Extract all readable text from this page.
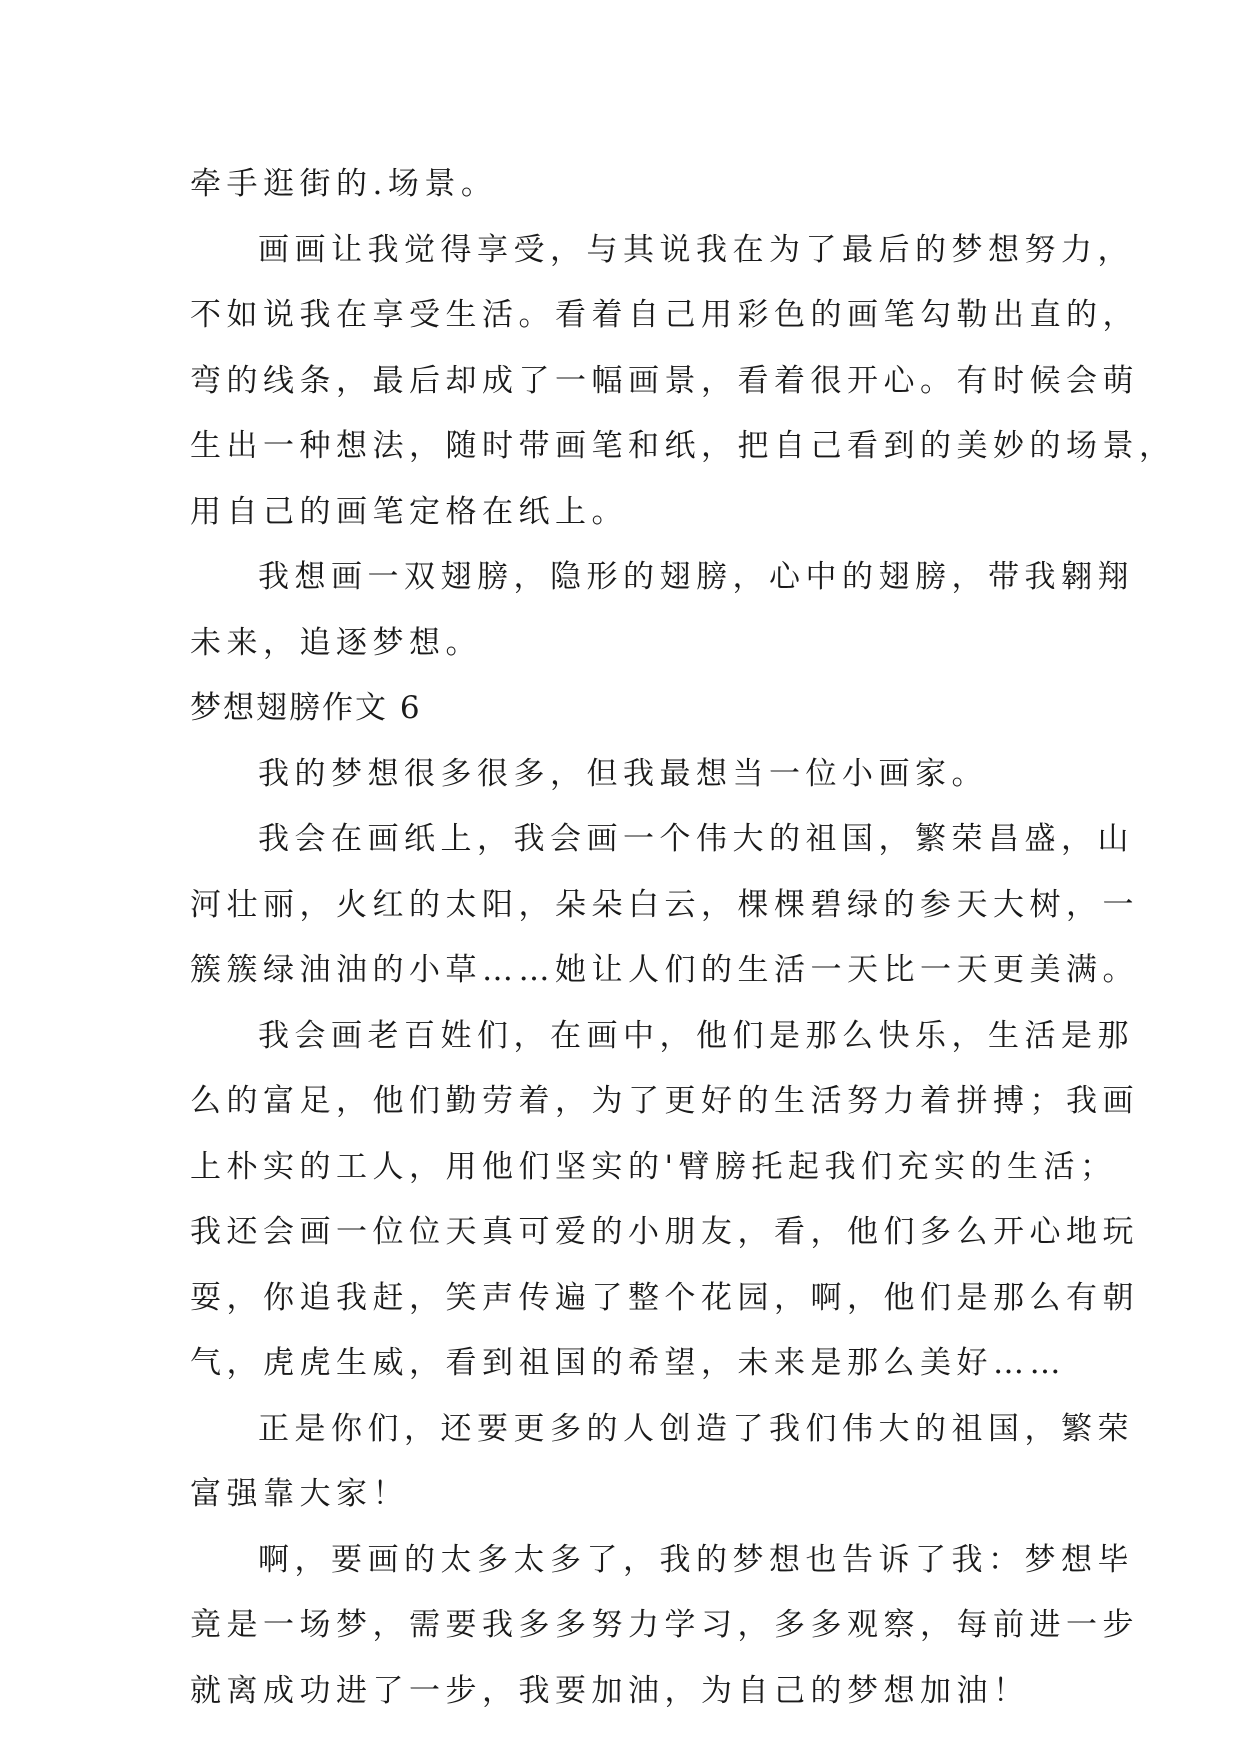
牵手逛街的.场景。
画画让我觉得享受，与其说我在为了最后的梦想努力，
不如说我在享受生活。看着自己用彩色的画笔勾勒出直的，
弯的线条，最后却成了一幅画景，看着很开心。有时候会萌
生出一种想法，随时带画笔和纸，把自己看到的美妙的场景，
用自己的画笔定格在纸上。
我想画一双翅膀，隐形的翅膀，心中的翅膀，带我翱翔
未来，追逐梦想。
梦想翅膀作文 6
我的梦想很多很多，但我最想当一位小画家。
我会在画纸上，我会画一个伟大的祖国，繁荣昌盛，山
河壮丽，火红的太阳，朵朵白云，棵棵碧绿的参天大树，一
簇簇绿油油的小草……她让人们的生活一天比一天更美满。
我会画老百姓们，在画中，他们是那么快乐，生活是那
么的富足，他们勤劳着，为了更好的生活努力着拼搏；我画
上朴实的工人，用他们坚实的'臂膀托起我们充实的生活；
我还会画一位位天真可爱的小朋友，看，他们多么开心地玩
耍，你追我赶，笑声传遍了整个花园，啊，他们是那么有朝
气，虎虎生威，看到祖国的希望，未来是那么美好……
正是你们，还要更多的人创造了我们伟大的祖国，繁荣
富强靠大家！
啊，要画的太多太多了，我的梦想也告诉了我：梦想毕
竟是一场梦，需要我多多努力学习，多多观察，每前进一步
就离成功进了一步，我要加油，为自己的梦想加油！
